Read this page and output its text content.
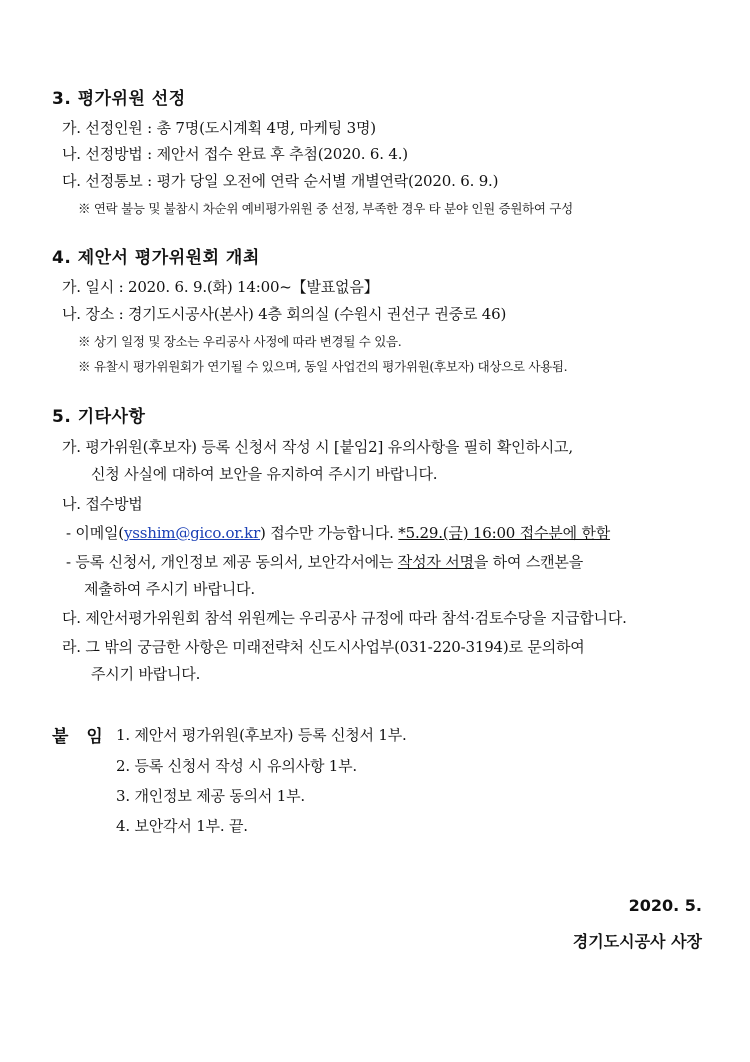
3. 평가위원 선정
가. 선정인원 : 총 7명(도시계획 4명, 마케팅 3명)
나. 선정방법 : 제안서 접수 완료 후 추첨(2020. 6. 4.)
다. 선정통보 : 평가 당일 오전에 연락 순서별 개별연락(2020. 6. 9.)
※ 연락 불능 및 불참시 차순위 예비평가위원 중 선정, 부족한 경우 타 분야 인원 증원하여 구성
4. 제안서 평가위원회 개최
가. 일시 : 2020. 6. 9.(화) 14:00~【발표없음】
나. 장소 : 경기도시공사(본사) 4층 회의실 (수원시 권선구 권중로 46)
※ 상기 일정 및 장소는 우리공사 사정에 따라 변경될 수 있음.
※ 유찰시 평가위원회가 연기될 수 있으며, 동일 사업건의 평가위원(후보자) 대상으로 사용됨.
5. 기타사항
가. 평가위원(후보자) 등록 신청서 작성 시 [붙임2] 유의사항을 필히 확인하시고,
신청 사실에 대하여 보안을 유지하여 주시기 바랍니다.
나. 접수방법
- 이메일(ysshim@gico.or.kr) 접수만 가능합니다. *5.29.(금) 16:00 접수분에 한함
- 등록 신청서, 개인정보 제공 동의서, 보안각서에는 작성자 서명을 하여 스캔본을
제출하여 주시기 바랍니다.
다. 제안서평가위원회 참석 위원께는 우리공사 규정에 따라 참석·검토수당을 지급합니다.
라. 그 밖의 궁금한 사항은 미래전략처 신도시사업부(031-220-3194)로 문의하여
주시기 바랍니다.
붙 임 1. 제안서 평가위원(후보자) 등록 신청서 1부.
2. 등록 신청서 작성 시 유의사항 1부.
3. 개인정보 제공 동의서 1부.
4. 보안각서 1부. 끝.
2020. 5.
경기도시공사 사장
